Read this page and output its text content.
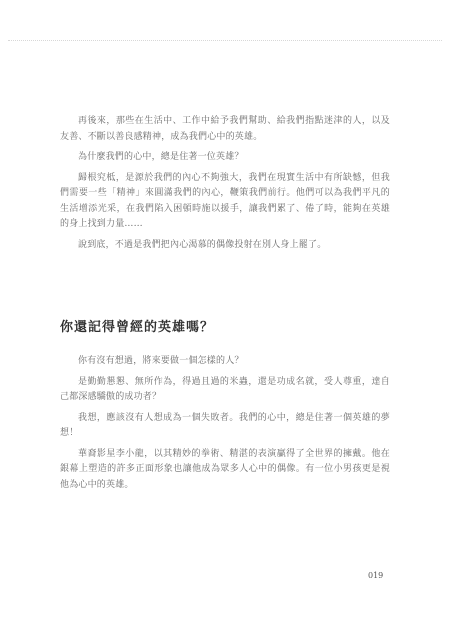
再後來，那些在生活中、工作中給予我們幫助、給我們指點迷津的人，以及友善、不斷以善良感精神，成為我們心中的英雄。

為什麼我們的心中，總是住著一位英雄？

歸根究柢，是源於我們的內心不夠強大，我們在現實生活中有所缺憾，但我們需要一些「精神」來圓滿我們的內心，鞭策我們前行。他們可以為我們平凡的生活增添光采，在我們陷入困頓時施以援手，讓我們累了、倦了時，能夠在英雄的身上找到力量……

說到底，不過是我們把內心渴慕的偶像投射在別人身上罷了。

你還記得曾經的英雄嗎？

你有沒有想過，將來要做一個怎樣的人？

是勤勤懇懇、無所作為，得過且過的米蟲，還是功成名就，受人尊重，達自己都深感驕傲的成功者？

我想，應該沒有人想成為一個失敗者。我們的心中，總是住著一個英雄的夢想！

華裔影星李小龍，以其精妙的拳術、精湛的表演贏得了全世界的擁戴。他在銀幕上塑造的許多正面形象也讓他成為眾多人心中的偶像。有一位小男孩更是視他為心中的英雄。

019
